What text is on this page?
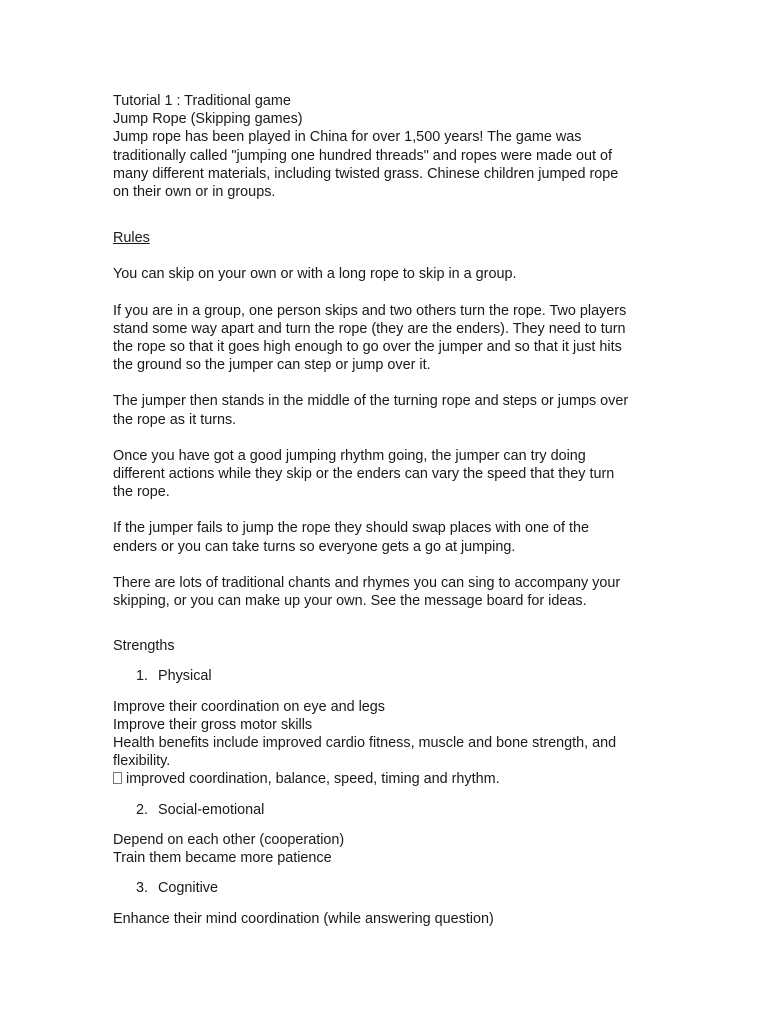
Tutorial 1 : Traditional game
Jump Rope (Skipping games)
Jump rope has been played in China for over 1,500 years! The game was
traditionally called "jumping one hundred threads" and ropes were made out of
many different materials, including twisted grass. Chinese children jumped rope
on their own or in groups.
Rules
You can skip on your own or with a long rope to skip in a group.
If you are in a group, one person skips and two others turn the rope. Two players
stand some way apart and turn the rope (they are the enders). They need to turn
the rope so that it goes high enough to go over the jumper and so that it just hits
the ground so the jumper can step or jump over it.
The jumper then stands in the middle of the turning rope and steps or jumps over
the rope as it turns.
Once you have got a good jumping rhythm going, the jumper can try doing
different actions while they skip or the enders can vary the speed that they turn
the rope.
If the jumper fails to jump the rope they should swap places with one of the
enders or you can take turns so everyone gets a go at jumping.
There are lots of traditional chants and rhymes you can sing to accompany your
skipping, or you can make up your own. See the message board for ideas.
Strengths
1. Physical
Improve their coordination on eye and legs
Improve their gross motor skills
Health benefits include improved cardio fitness, muscle and bone strength, and
flexibility.
improved coordination, balance, speed, timing and rhythm.
2. Social-emotional
Depend on each other (cooperation)
Train them became more patience
3. Cognitive
Enhance their mind coordination (while answering question)
